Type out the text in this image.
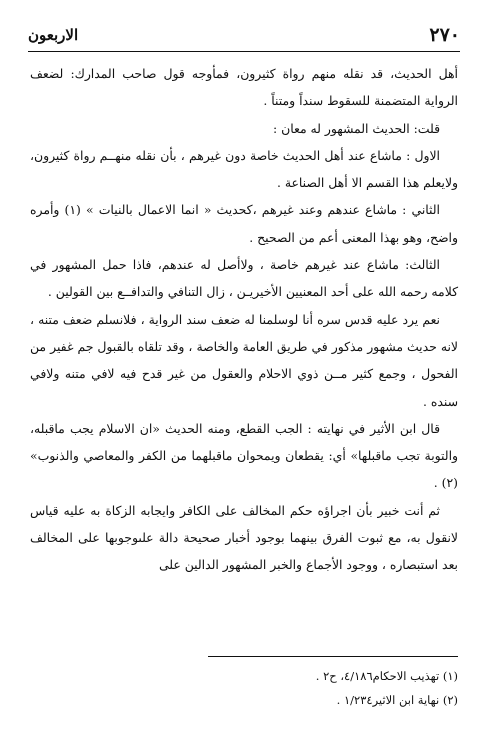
٢٧٠
الاربعون

أهل الحديث، قد نقله منهم رواة كثيرون، فمأوجه قول صاحب المدارك: لضعف الرواية المتضمنة للسقوط سنداً ومتناً .

قلت: الحديث المشهور له معان :

الاول : ماشاع عند أهل الحديث خاصة دون غيرهم ، بأن نقله منهــم رواة كثيرون، ولايعلم هذا القسم الا أهل الصناعة .

الثاني : ماشاع عندهم وعند غيرهم ،كحديث « انما الاعمال بالنيات » (١) وأمره واضح، وهو بهذا المعنى أعم من الصحيح .

الثالث: ماشاع عند غيرهم خاصة ، ولاأصل له عندهم، فاذا حمل المشهور في كلامه رحمه الله على أحد المعنيين الأخيريـن ، زال التنافي والتدافــع بين القولين .

نعم يرد عليه قدس سره أنا لوسلمنا له ضعف سند الرواية ، فلانسلم ضعف متنه ، لانه حديث مشهور مذكور في طريق العامة والخاصة ، وقد تلقاه بالقبول جم غفير من الفحول ، وجمع كثير مــن ذوي الاحلام والعقول من غير قدح فيه لافي متنه ولافي سنده .

قال ابن الأثير في نهايته : الجب القطع، ومنه الحديث «ان الاسلام يجب ماقبله، والتوبة تجب ماقبلها» أي: يقطعان ويمحوان ماقبلهما من الكفر والمعاصي والذنوب» (٢) .

ثم أنت خبير بأن اجراؤه حكم المخالف على الكافر وايجابه الزكاة به عليه قياس لانقول به، مع ثبوت الفرق بينهما بوجود أخبار صحيحة دالة علىوجوبها على المخالف بعد استبصاره ، ووجود الأجماع والخبر المشهور الدالين على

(١) تهذيب الاحكام٤/١٨٦، ح٢ .

(٢) نهاية ابن الاثير١/٢٣٤ .
